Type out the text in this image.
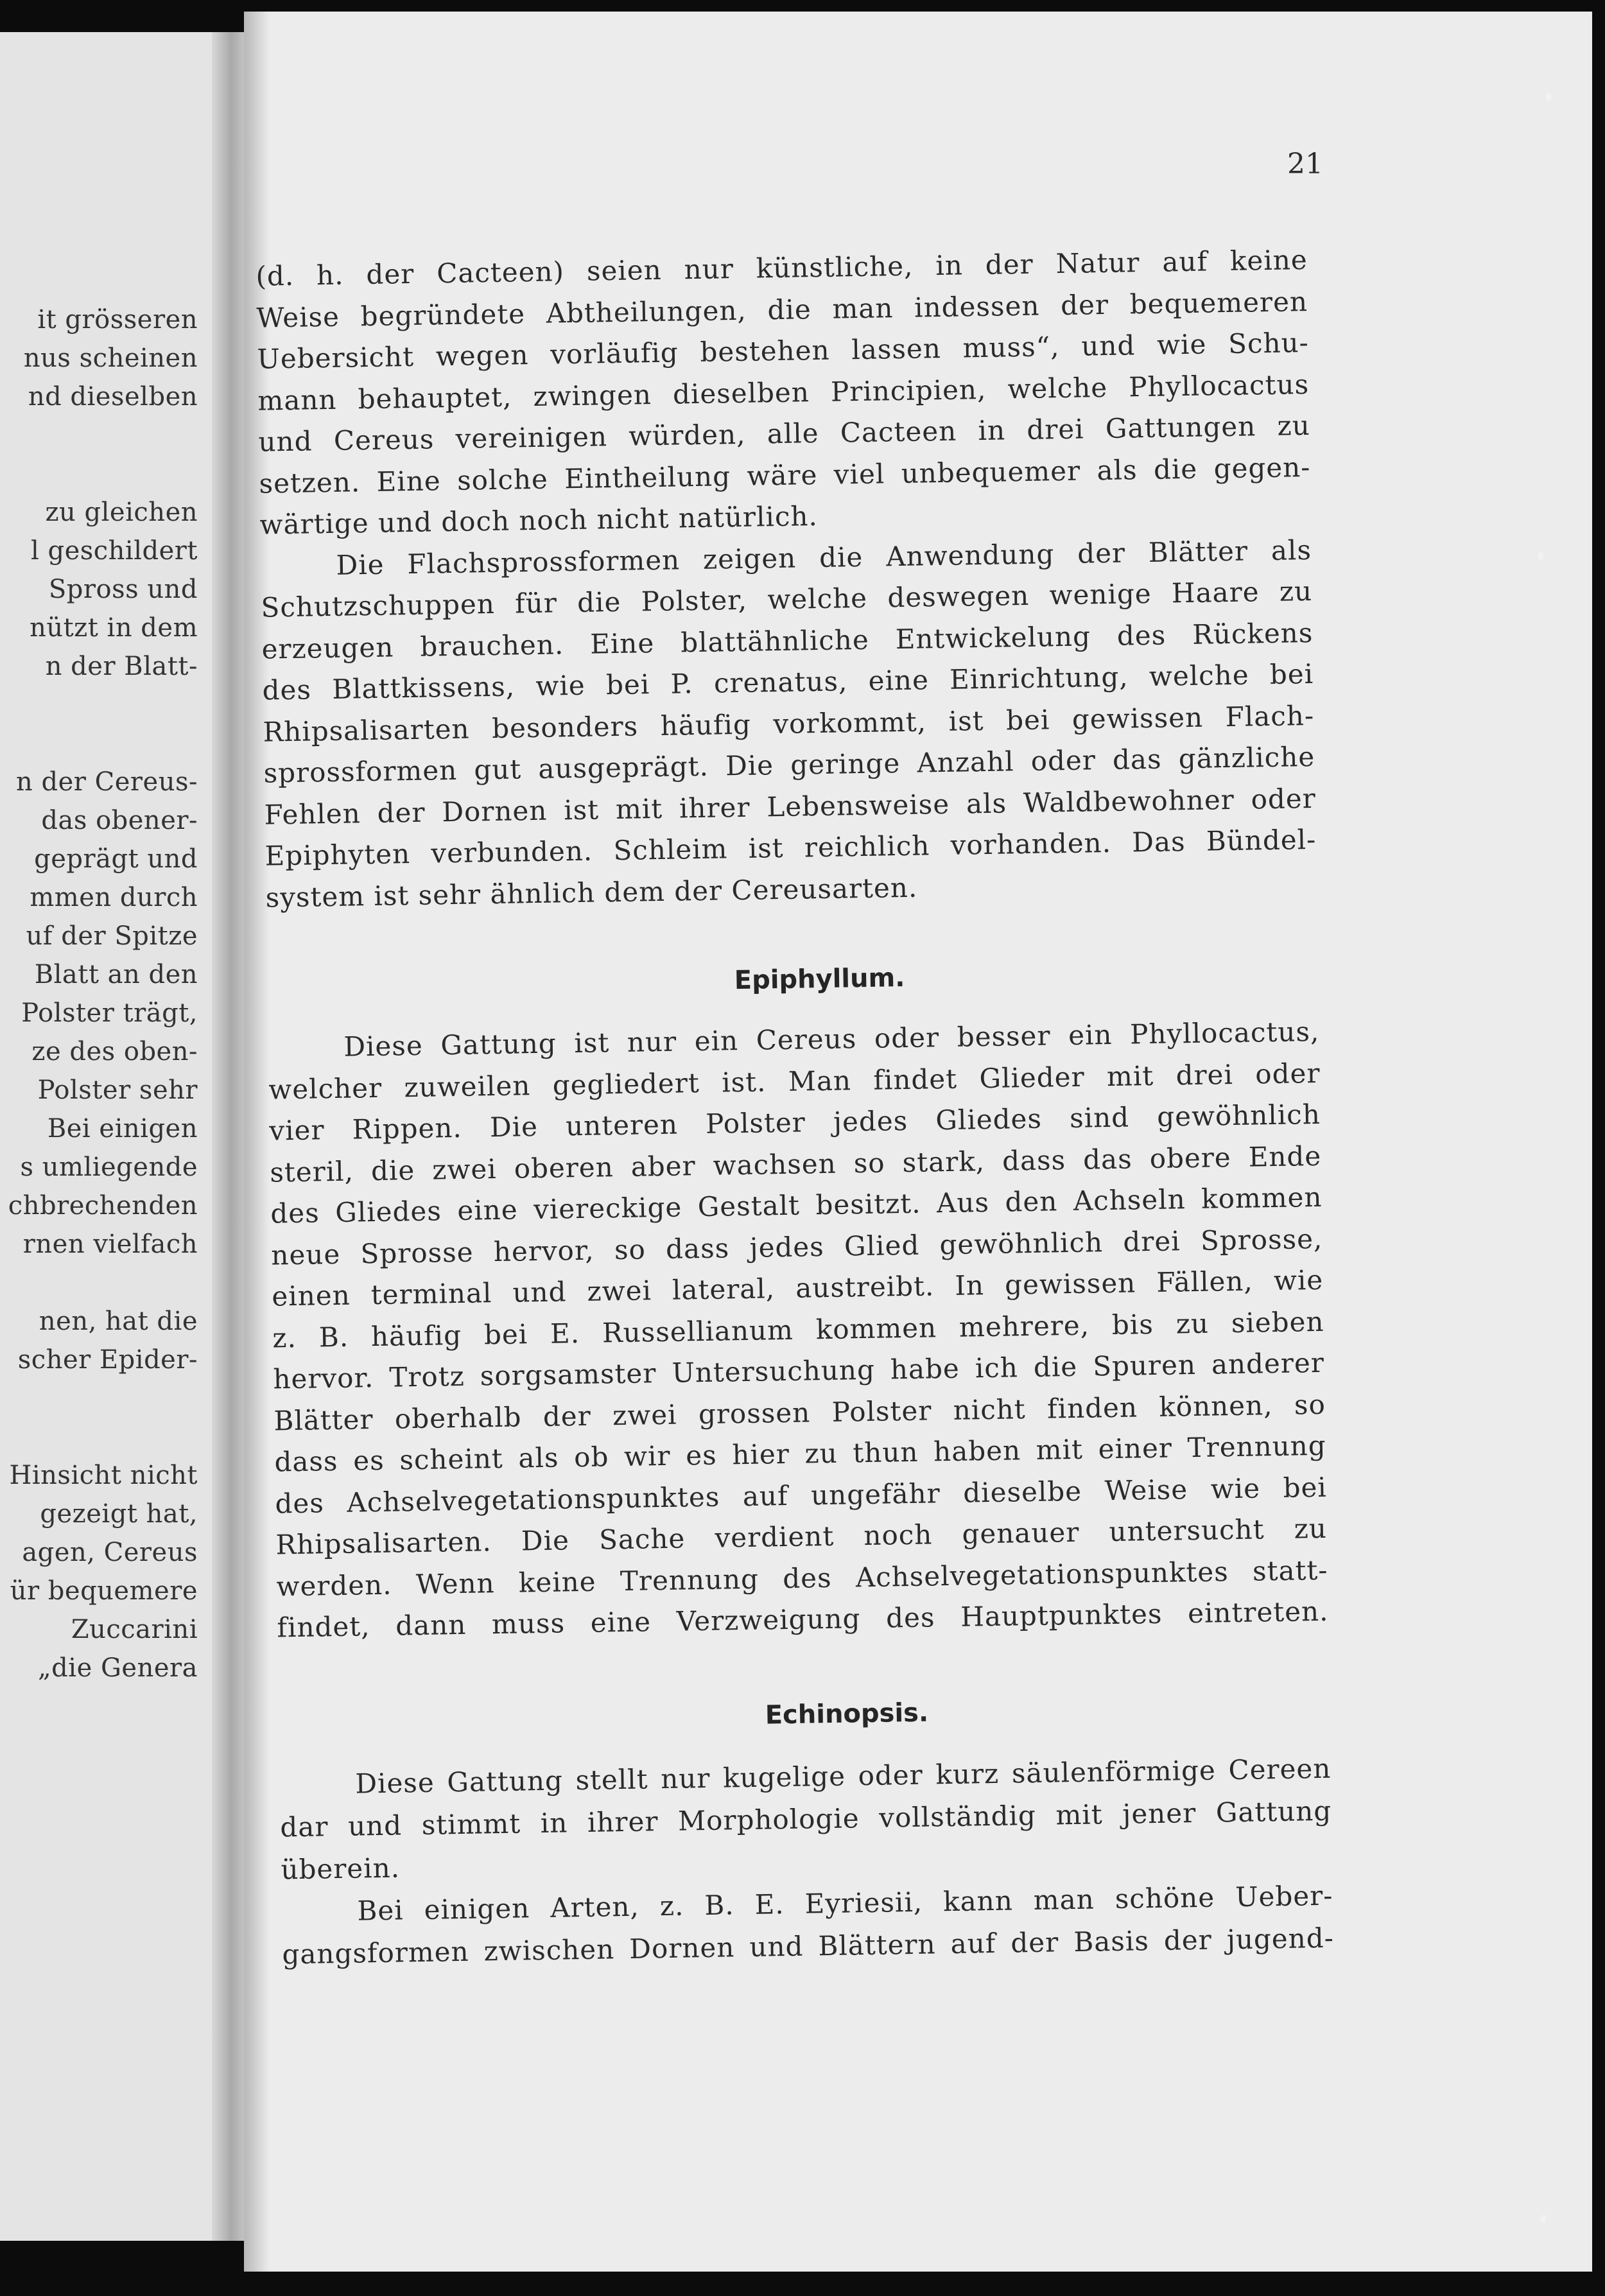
it grösseren
nus scheinen
nd dieselben
zu gleichen
l geschildert
Spross und
nützt in dem
n der Blatt-
n der Cereus-
das obener-
geprägt und
mmen durch
uf der Spitze
Blatt an den
Polster trägt,
ze des oben-
Polster sehr
Bei einigen
s umliegende
chbrechenden
rnen vielfach
nen, hat die
scher Epider-
Hinsicht nicht
gezeigt hat,
agen, Cereus
ür bequemere
Zuccarini
„die Genera
21
Epiphyllum.
Echinopsis.
(d. h. der Cacteen) seien nur künstliche, in der Natur auf keine
Weise begründete Abtheilungen, die man indessen der bequemeren
Uebersicht wegen vorläufig bestehen lassen muss“, und wie Schu-
mann behauptet, zwingen dieselben Principien, welche Phyllocactus
und Cereus vereinigen würden, alle Cacteen in drei Gattungen zu
setzen. Eine solche Eintheilung wäre viel unbequemer als die gegen-
wärtige und doch noch nicht natürlich.
Die Flachsprossformen zeigen die Anwendung der Blätter als
Schutzschuppen für die Polster, welche deswegen wenige Haare zu
erzeugen brauchen. Eine blattähnliche Entwickelung des Rückens
des Blattkissens, wie bei P. crenatus, eine Einrichtung, welche bei
Rhipsalisarten besonders häufig vorkommt, ist bei gewissen Flach-
sprossformen gut ausgeprägt. Die geringe Anzahl oder das gänzliche
Fehlen der Dornen ist mit ihrer Lebensweise als Waldbewohner oder
Epiphyten verbunden. Schleim ist reichlich vorhanden. Das Bündel-
system ist sehr ähnlich dem der Cereusarten.
Diese Gattung ist nur ein Cereus oder besser ein Phyllocactus,
welcher zuweilen gegliedert ist. Man findet Glieder mit drei oder
vier Rippen. Die unteren Polster jedes Gliedes sind gewöhnlich
steril, die zwei oberen aber wachsen so stark, dass das obere Ende
des Gliedes eine viereckige Gestalt besitzt. Aus den Achseln kommen
neue Sprosse hervor, so dass jedes Glied gewöhnlich drei Sprosse,
einen terminal und zwei lateral, austreibt. In gewissen Fällen, wie
z. B. häufig bei E. Russellianum kommen mehrere, bis zu sieben
hervor. Trotz sorgsamster Untersuchung habe ich die Spuren anderer
Blätter oberhalb der zwei grossen Polster nicht finden können, so
dass es scheint als ob wir es hier zu thun haben mit einer Trennung
des Achselvegetationspunktes auf ungefähr dieselbe Weise wie bei
Rhipsalisarten. Die Sache verdient noch genauer untersucht zu
werden. Wenn keine Trennung des Achselvegetationspunktes statt-
findet, dann muss eine Verzweigung des Hauptpunktes eintreten.
Diese Gattung stellt nur kugelige oder kurz säulenförmige Cereen
dar und stimmt in ihrer Morphologie vollständig mit jener Gattung
überein.
Bei einigen Arten, z. B. E. Eyriesii, kann man schöne Ueber-
gangsformen zwischen Dornen und Blättern auf der Basis der jugend-
